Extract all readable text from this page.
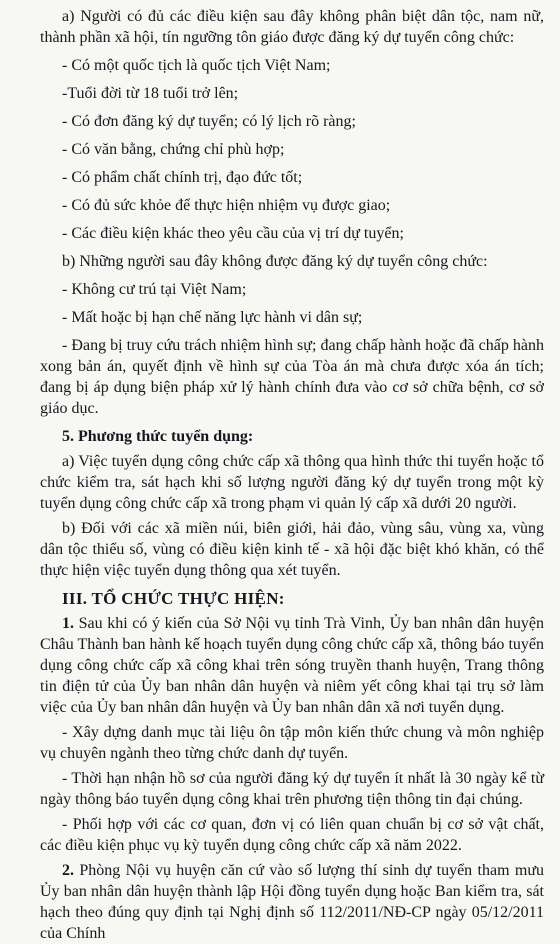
a) Người có đủ các điều kiện sau đây không phân biệt dân tộc, nam nữ, thành phần xã hội, tín ngưỡng tôn giáo được đăng ký dự tuyển công chức:

- Có một quốc tịch là quốc tịch Việt Nam;

-Tuổi đời từ 18 tuổi trở lên;

- Có đơn đăng ký dự tuyển; có lý lịch rõ ràng;

- Có văn bằng, chứng chỉ phù hợp;

- Có phẩm chất chính trị, đạo đức tốt;

- Có đủ sức khỏe để thực hiện nhiệm vụ được giao;

- Các điều kiện khác theo yêu cầu của vị trí dự tuyển;

b) Những người sau đây không được đăng ký dự tuyển công chức:

- Không cư trú tại Việt Nam;

- Mất hoặc bị hạn chế năng lực hành vi dân sự;

- Đang bị truy cứu trách nhiệm hình sự; đang chấp hành hoặc đã chấp hành xong bản án, quyết định về hình sự của Tòa án mà chưa được xóa án tích; đang bị áp dụng biện pháp xử lý hành chính đưa vào cơ sở chữa bệnh, cơ sở giáo dục.

5. Phương thức tuyển dụng:

a) Việc tuyển dụng công chức cấp xã thông qua hình thức thi tuyển hoặc tổ chức kiểm tra, sát hạch khi số lượng người đăng ký dự tuyển trong một kỳ tuyển dụng công chức cấp xã trong phạm vi quản lý cấp xã dưới 20 người.

b) Đối với các xã miền núi, biên giới, hải đảo, vùng sâu, vùng xa, vùng dân tộc thiểu số, vùng có điều kiện kinh tế - xã hội đặc biệt khó khăn, có thể thực hiện việc tuyển dụng thông qua xét tuyển.

III. TỔ CHỨC THỰC HIỆN:

1. Sau khi có ý kiến của Sở Nội vụ tỉnh Trà Vinh, Ủy ban nhân dân huyện Châu Thành ban hành kế hoạch tuyển dụng công chức cấp xã, thông báo tuyển dụng công chức cấp xã công khai trên sóng truyền thanh huyện, Trang thông tin điện tử của Ủy ban nhân dân huyện và niêm yết công khai tại trụ sở làm việc của Ủy ban nhân dân huyện và Ủy ban nhân dân xã nơi tuyển dụng.

- Xây dựng danh mục tài liệu ôn tập môn kiến thức chung và môn nghiệp vụ chuyên ngành theo từng chức danh dự tuyển.

- Thời hạn nhận hồ sơ của người đăng ký dự tuyển ít nhất là 30 ngày kể từ ngày thông báo tuyển dụng công khai trên phương tiện thông tin đại chúng.

- Phối hợp với các cơ quan, đơn vị có liên quan chuẩn bị cơ sở vật chất, các điều kiện phục vụ kỳ tuyển dụng công chức cấp xã năm 2022.

2. Phòng Nội vụ huyện căn cứ vào số lượng thí sinh dự tuyển tham mưu Ủy ban nhân dân huyện thành lập Hội đồng tuyển dụng hoặc Ban kiểm tra, sát hạch theo đúng quy định tại Nghị định số 112/2011/NĐ-CP ngày 05/12/2011 của Chính
